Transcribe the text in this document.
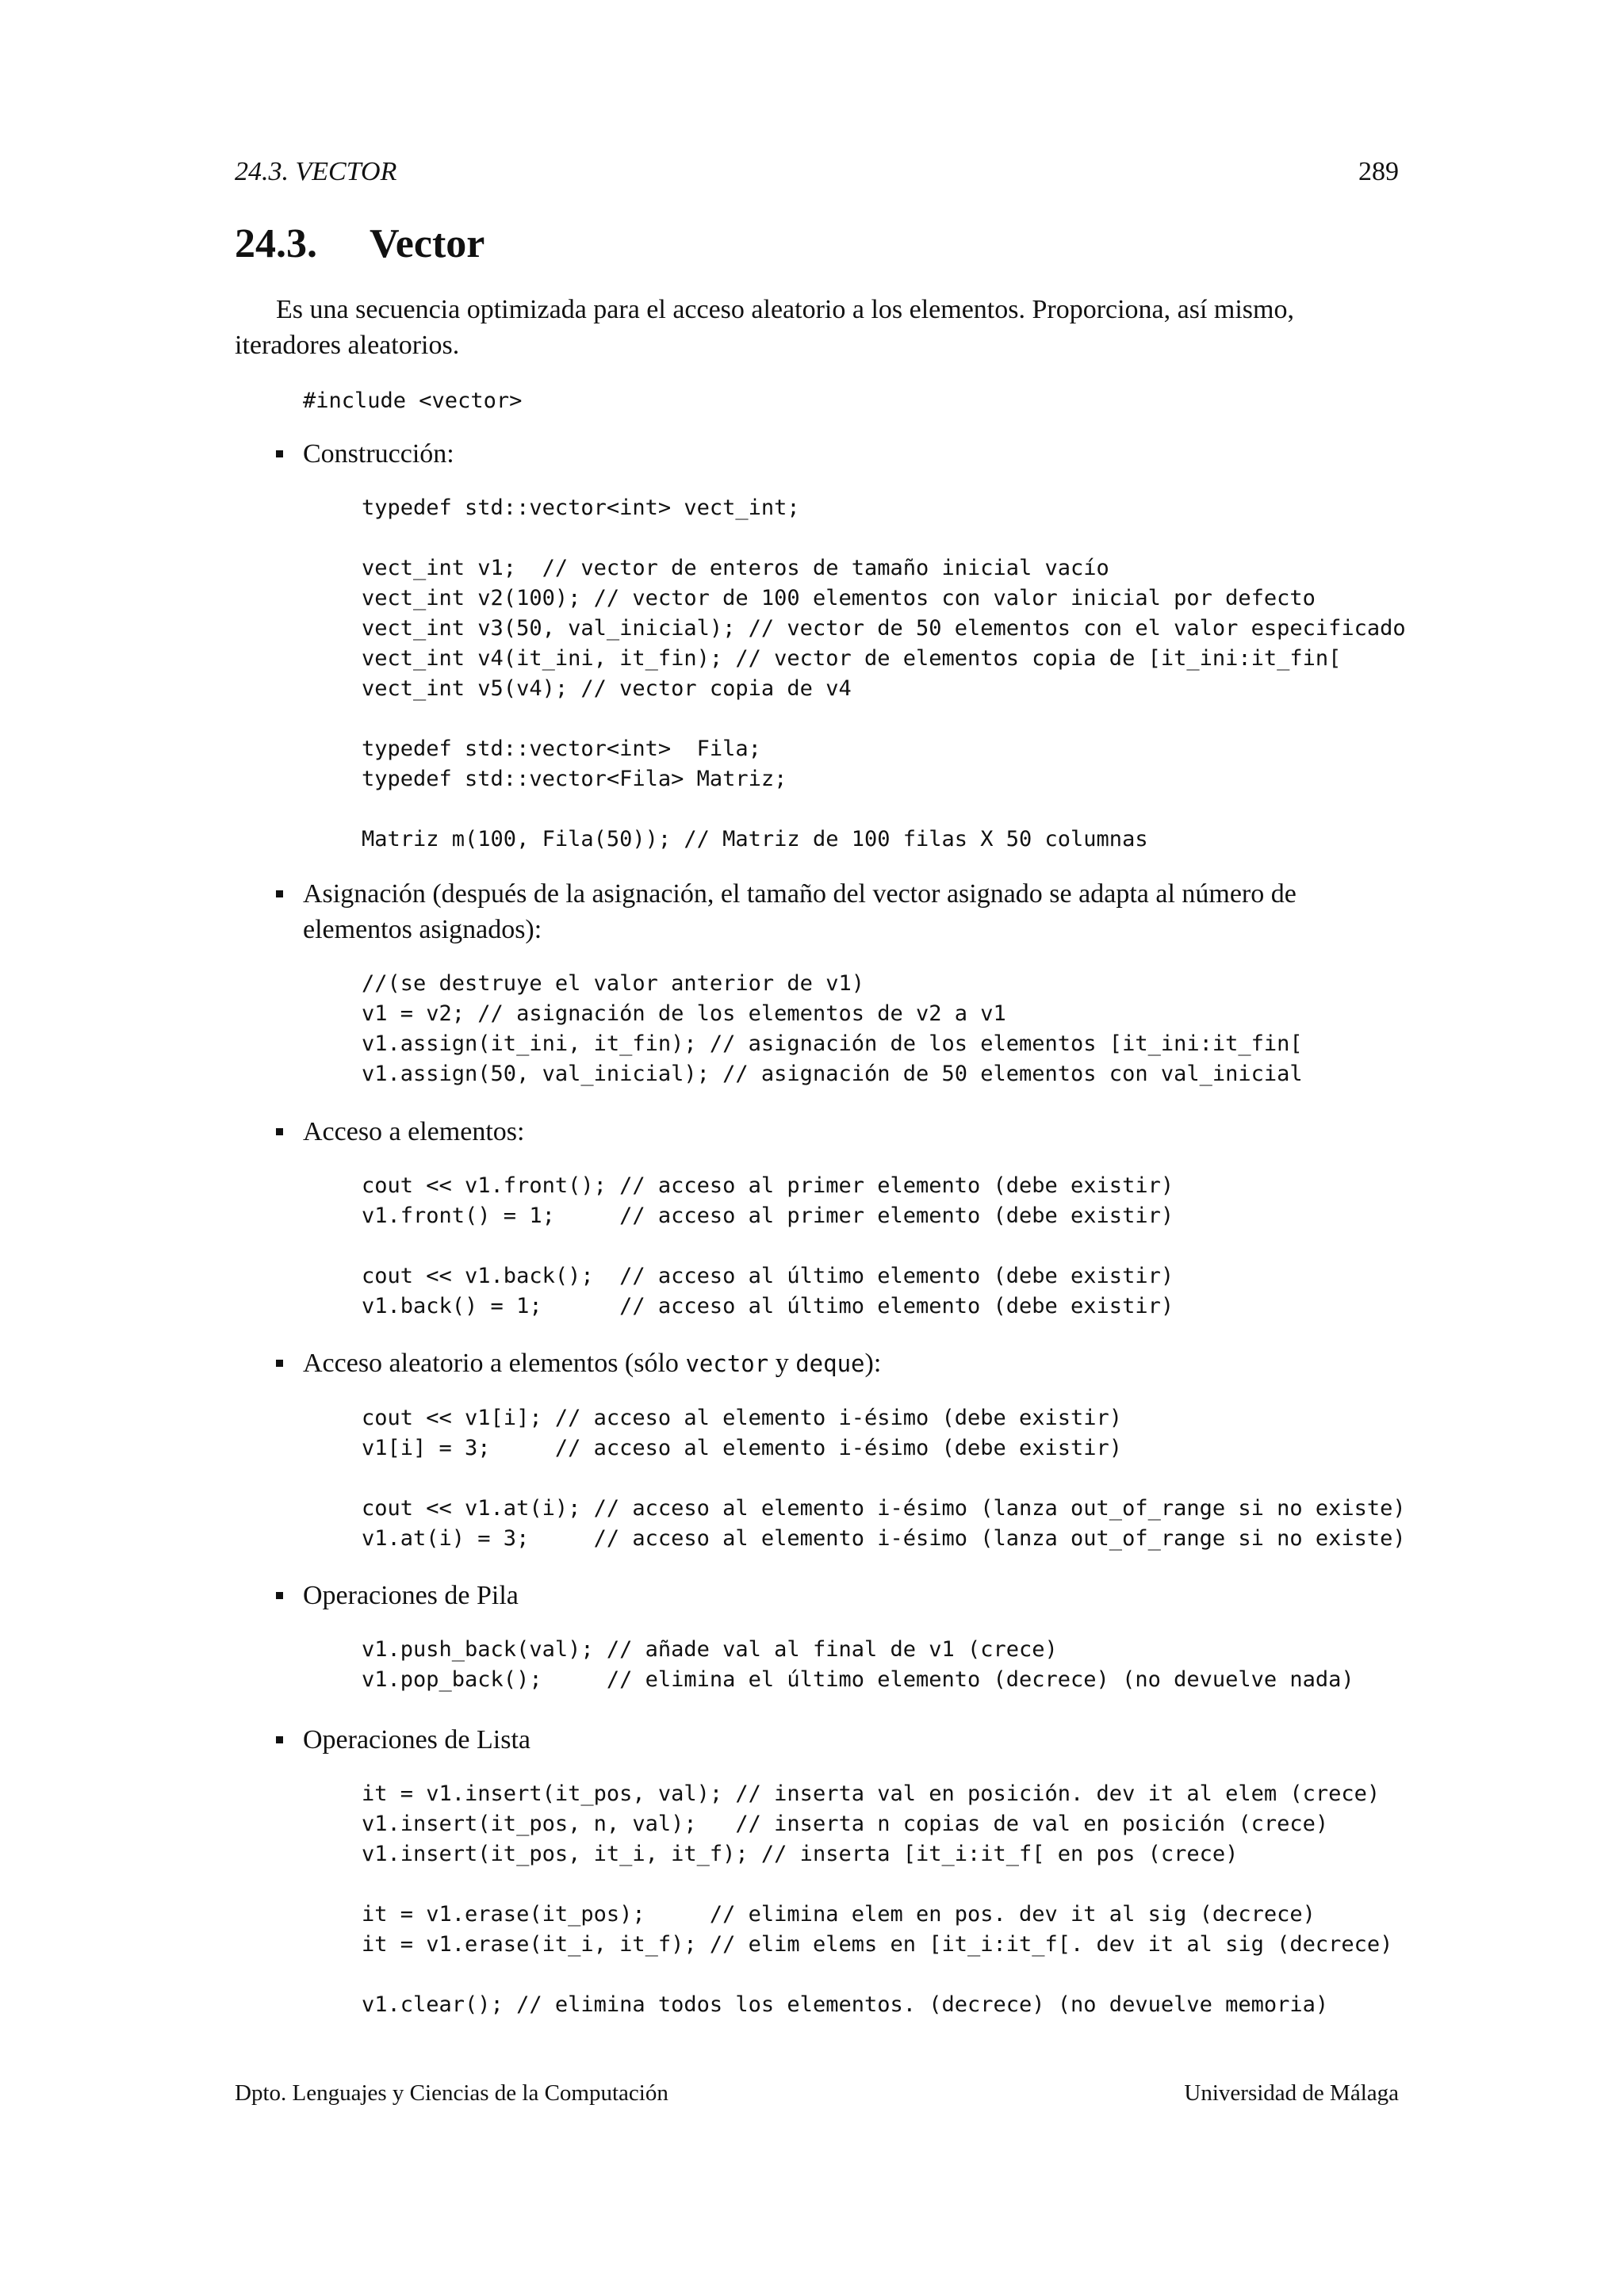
24.3. VECTOR	289
24.3.	Vector

Es una secuencia optimizada para el acceso aleatorio a los elementos. Proporciona, así mismo, iteradores aleatorios.

#include <vector>
Construcción:
typedef std::vector<int> vect_int;

vect_int v1;  // vector de enteros de tamaño inicial vacío
vect_int v2(100); // vector de 100 elementos con valor inicial por defecto
vect_int v3(50, val_inicial); // vector de 50 elementos con el valor especificado
vect_int v4(it_ini, it_fin); // vector de elementos copia de [it_ini:it_fin[
vect_int v5(v4); // vector copia de v4

typedef std::vector<int>  Fila;
typedef std::vector<Fila> Matriz;

Matriz m(100, Fila(50)); // Matriz de 100 filas X 50 columnas
Asignación (después de la asignación, el tamaño del vector asignado se adapta al número de elementos asignados):
//(se destruye el valor anterior de v1)
v1 = v2; // asignación de los elementos de v2 a v1
v1.assign(it_ini, it_fin); // asignación de los elementos [it_ini:it_fin[
v1.assign(50, val_inicial); // asignación de 50 elementos con val_inicial
Acceso a elementos:
cout << v1.front(); // acceso al primer elemento (debe existir)
v1.front() = 1;     // acceso al primer elemento (debe existir)

cout << v1.back();  // acceso al último elemento (debe existir)
v1.back() = 1;      // acceso al último elemento (debe existir)
Acceso aleatorio a elementos (sólo vector y deque):
cout << v1[i]; // acceso al elemento i-ésimo (debe existir)
v1[i] = 3;     // acceso al elemento i-ésimo (debe existir)

cout << v1.at(i); // acceso al elemento i-ésimo (lanza out_of_range si no existe)
v1.at(i) = 3;     // acceso al elemento i-ésimo (lanza out_of_range si no existe)
Operaciones de Pila
v1.push_back(val); // añade val al final de v1 (crece)
v1.pop_back();     // elimina el último elemento (decrece) (no devuelve nada)
Operaciones de Lista
it = v1.insert(it_pos, val); // inserta val en posición. dev it al elem (crece)
v1.insert(it_pos, n, val);   // inserta n copias de val en posición (crece)
v1.insert(it_pos, it_i, it_f); // inserta [it_i:it_f[ en pos (crece)

it = v1.erase(it_pos);     // elimina elem en pos. dev it al sig (decrece)
it = v1.erase(it_i, it_f); // elim elems en [it_i:it_f[. dev it al sig (decrece)

v1.clear(); // elimina todos los elementos. (decrece) (no devuelve memoria)
Dpto. Lenguajes y Ciencias de la Computación	Universidad de Málaga
